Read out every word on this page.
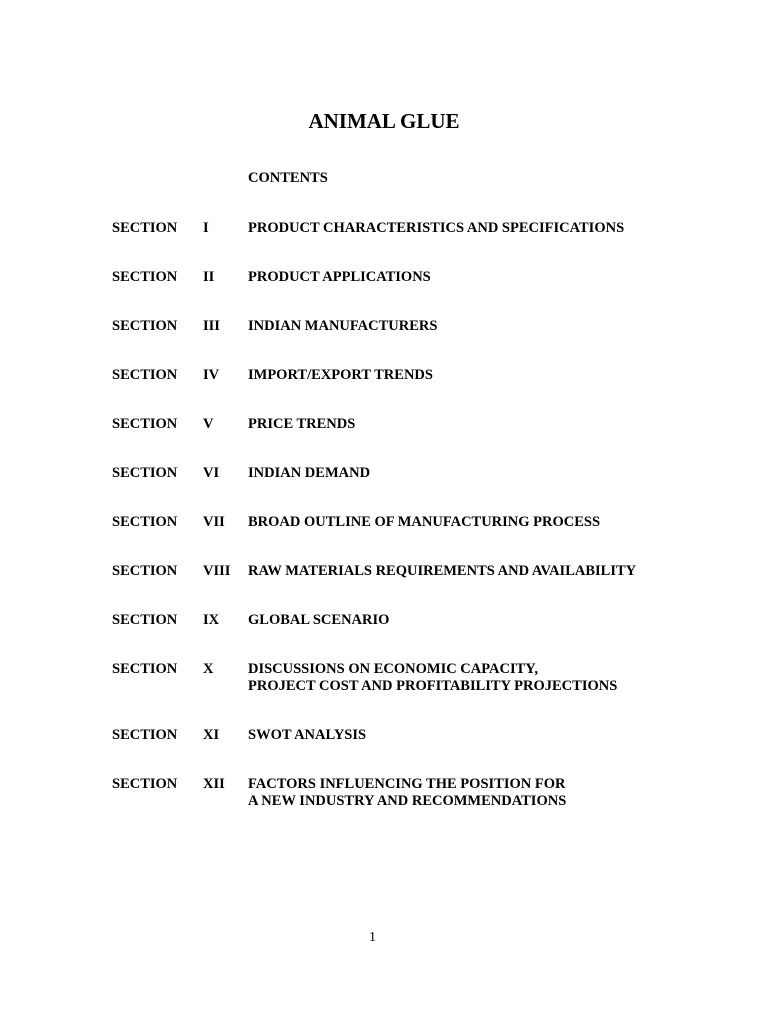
ANIMAL GLUE
CONTENTS
SECTION I	PRODUCT CHARACTERISTICS AND SPECIFICATIONS
SECTION II PRODUCT APPLICATIONS
SECTION III INDIAN MANUFACTURERS
SECTION IV IMPORT/EXPORT TRENDS
SECTION V PRICE TRENDS
SECTION VI INDIAN DEMAND
SECTION VII BROAD OUTLINE OF MANUFACTURING PROCESS
SECTION VIII RAW MATERIALS REQUIREMENTS AND AVAILABILITY
SECTION IX GLOBAL SCENARIO
SECTION X DISCUSSIONS ON ECONOMIC CAPACITY,
PROJECT COST AND PROFITABILITY PROJECTIONS
SECTION XI SWOT ANALYSIS
SECTION XII FACTORS INFLUENCING THE POSITION FOR
A NEW INDUSTRY AND RECOMMENDATIONS
1
